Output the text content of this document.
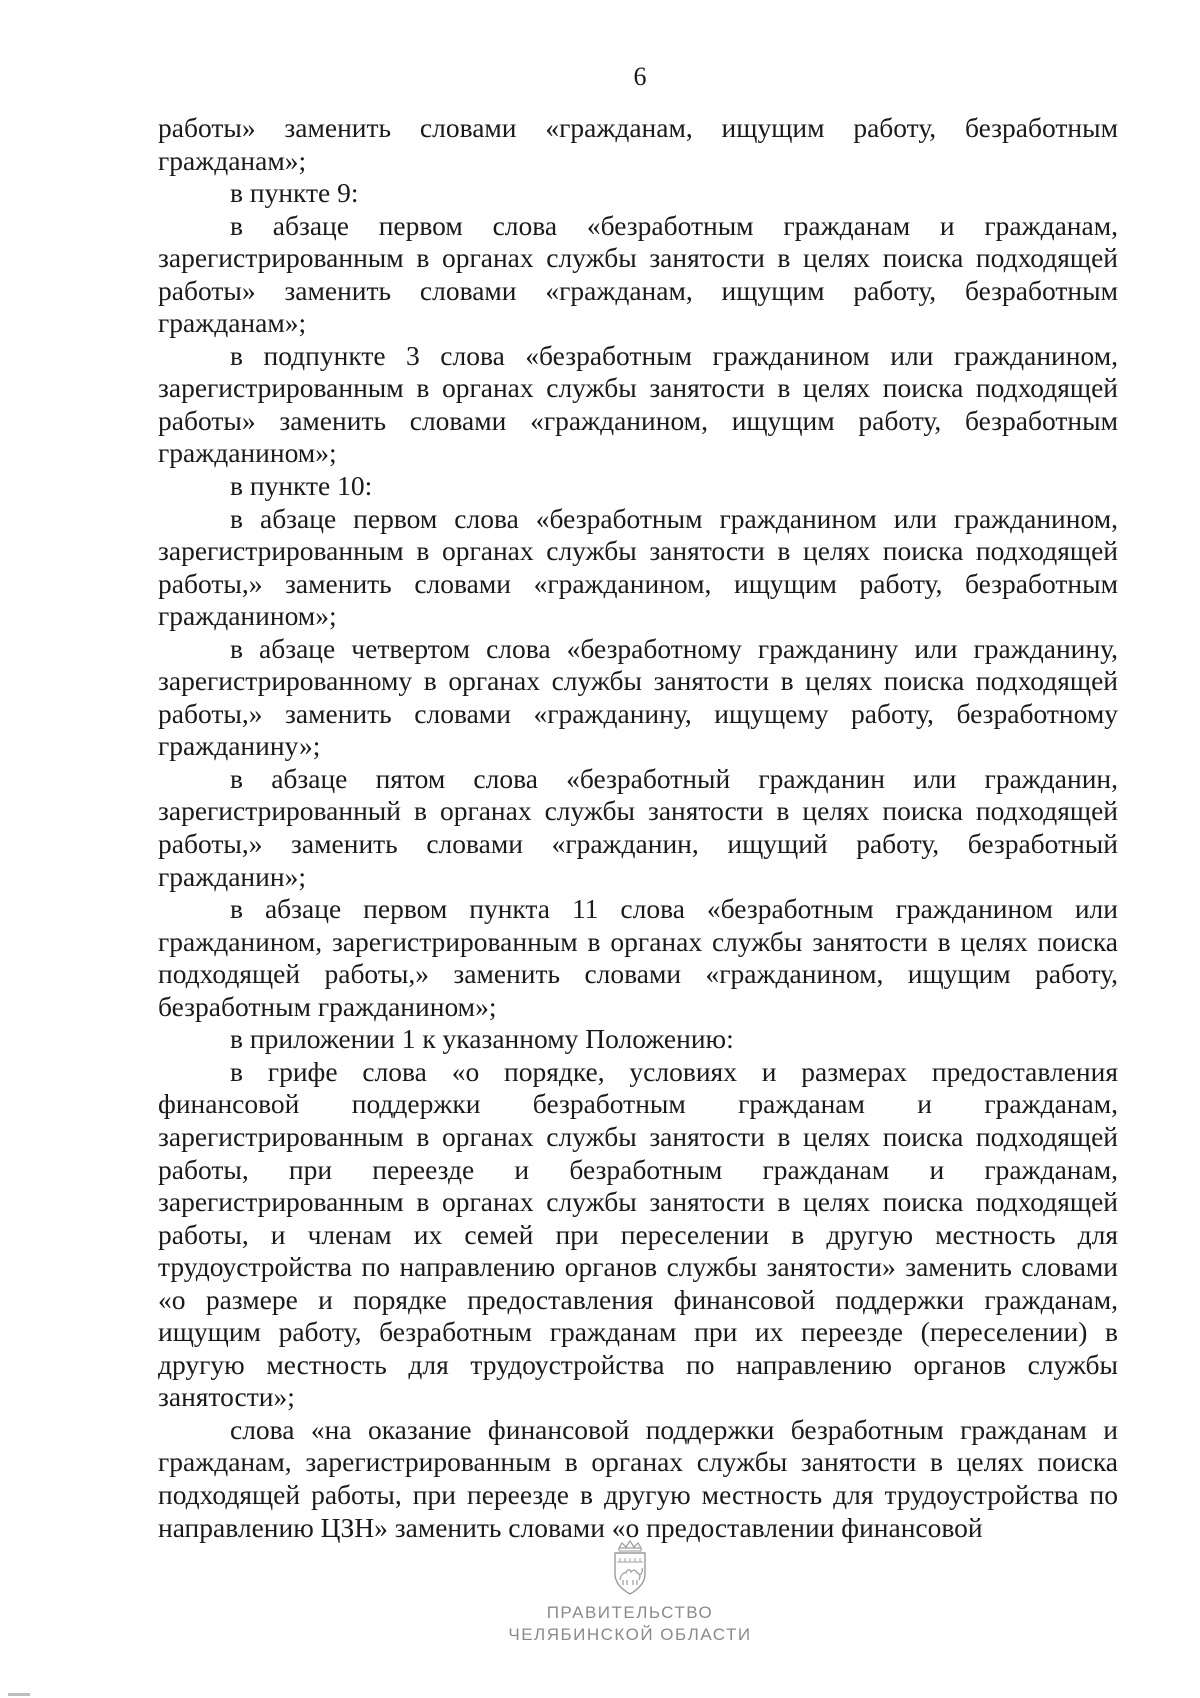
6

работы» заменить словами «гражданам, ищущим работу, безработным гражданам»;

в пункте 9:

в абзаце первом слова «безработным гражданам и гражданам, зарегистрированным в органах службы занятости в целях поиска подходящей работы» заменить словами «гражданам, ищущим работу, безработным гражданам»;

в подпункте 3 слова «безработным гражданином или гражданином, зарегистрированным в органах службы занятости в целях поиска подходящей работы» заменить словами «гражданином, ищущим работу, безработным гражданином»;

в пункте 10:

в абзаце первом слова «безработным гражданином или гражданином, зарегистрированным в органах службы занятости в целях поиска подходящей работы,» заменить словами «гражданином, ищущим работу, безработным гражданином»;

в абзаце четвертом слова «безработному гражданину или гражданину, зарегистрированному в органах службы занятости в целях поиска подходящей работы,» заменить словами «гражданину, ищущему работу, безработному гражданину»;

в абзаце пятом слова «безработный гражданин или гражданин, зарегистрированный в органах службы занятости в целях поиска подходящей работы,» заменить словами «гражданин, ищущий работу, безработный гражданин»;

в абзаце первом пункта 11 слова «безработным гражданином или гражданином, зарегистрированным в органах службы занятости в целях поиска подходящей работы,» заменить словами «гражданином, ищущим работу, безработным гражданином»;

в приложении 1 к указанному Положению:

в грифе слова «о порядке, условиях и размерах предоставления финансовой поддержки безработным гражданам и гражданам, зарегистрированным в органах службы занятости в целях поиска подходящей работы, при переезде и безработным гражданам и гражданам, зарегистрированным в органах службы занятости в целях поиска подходящей работы, и членам их семей при переселении в другую местность для трудоустройства по направлению органов службы занятости» заменить словами «о размере и порядке предоставления финансовой поддержки гражданам, ищущим работу, безработным гражданам при их переезде (переселении) в другую местность для трудоустройства по направлению органов службы занятости»;

слова «на оказание финансовой поддержки безработным гражданам и гражданам, зарегистрированным в органах службы занятости в целях поиска подходящей работы, при переезде в другую местность для трудоустройства по направлению ЦЗН» заменить словами «о предоставлении финансовой

ПРАВИТЕЛЬСТВО
ЧЕЛЯБИНСКОЙ ОБЛАСТИ
